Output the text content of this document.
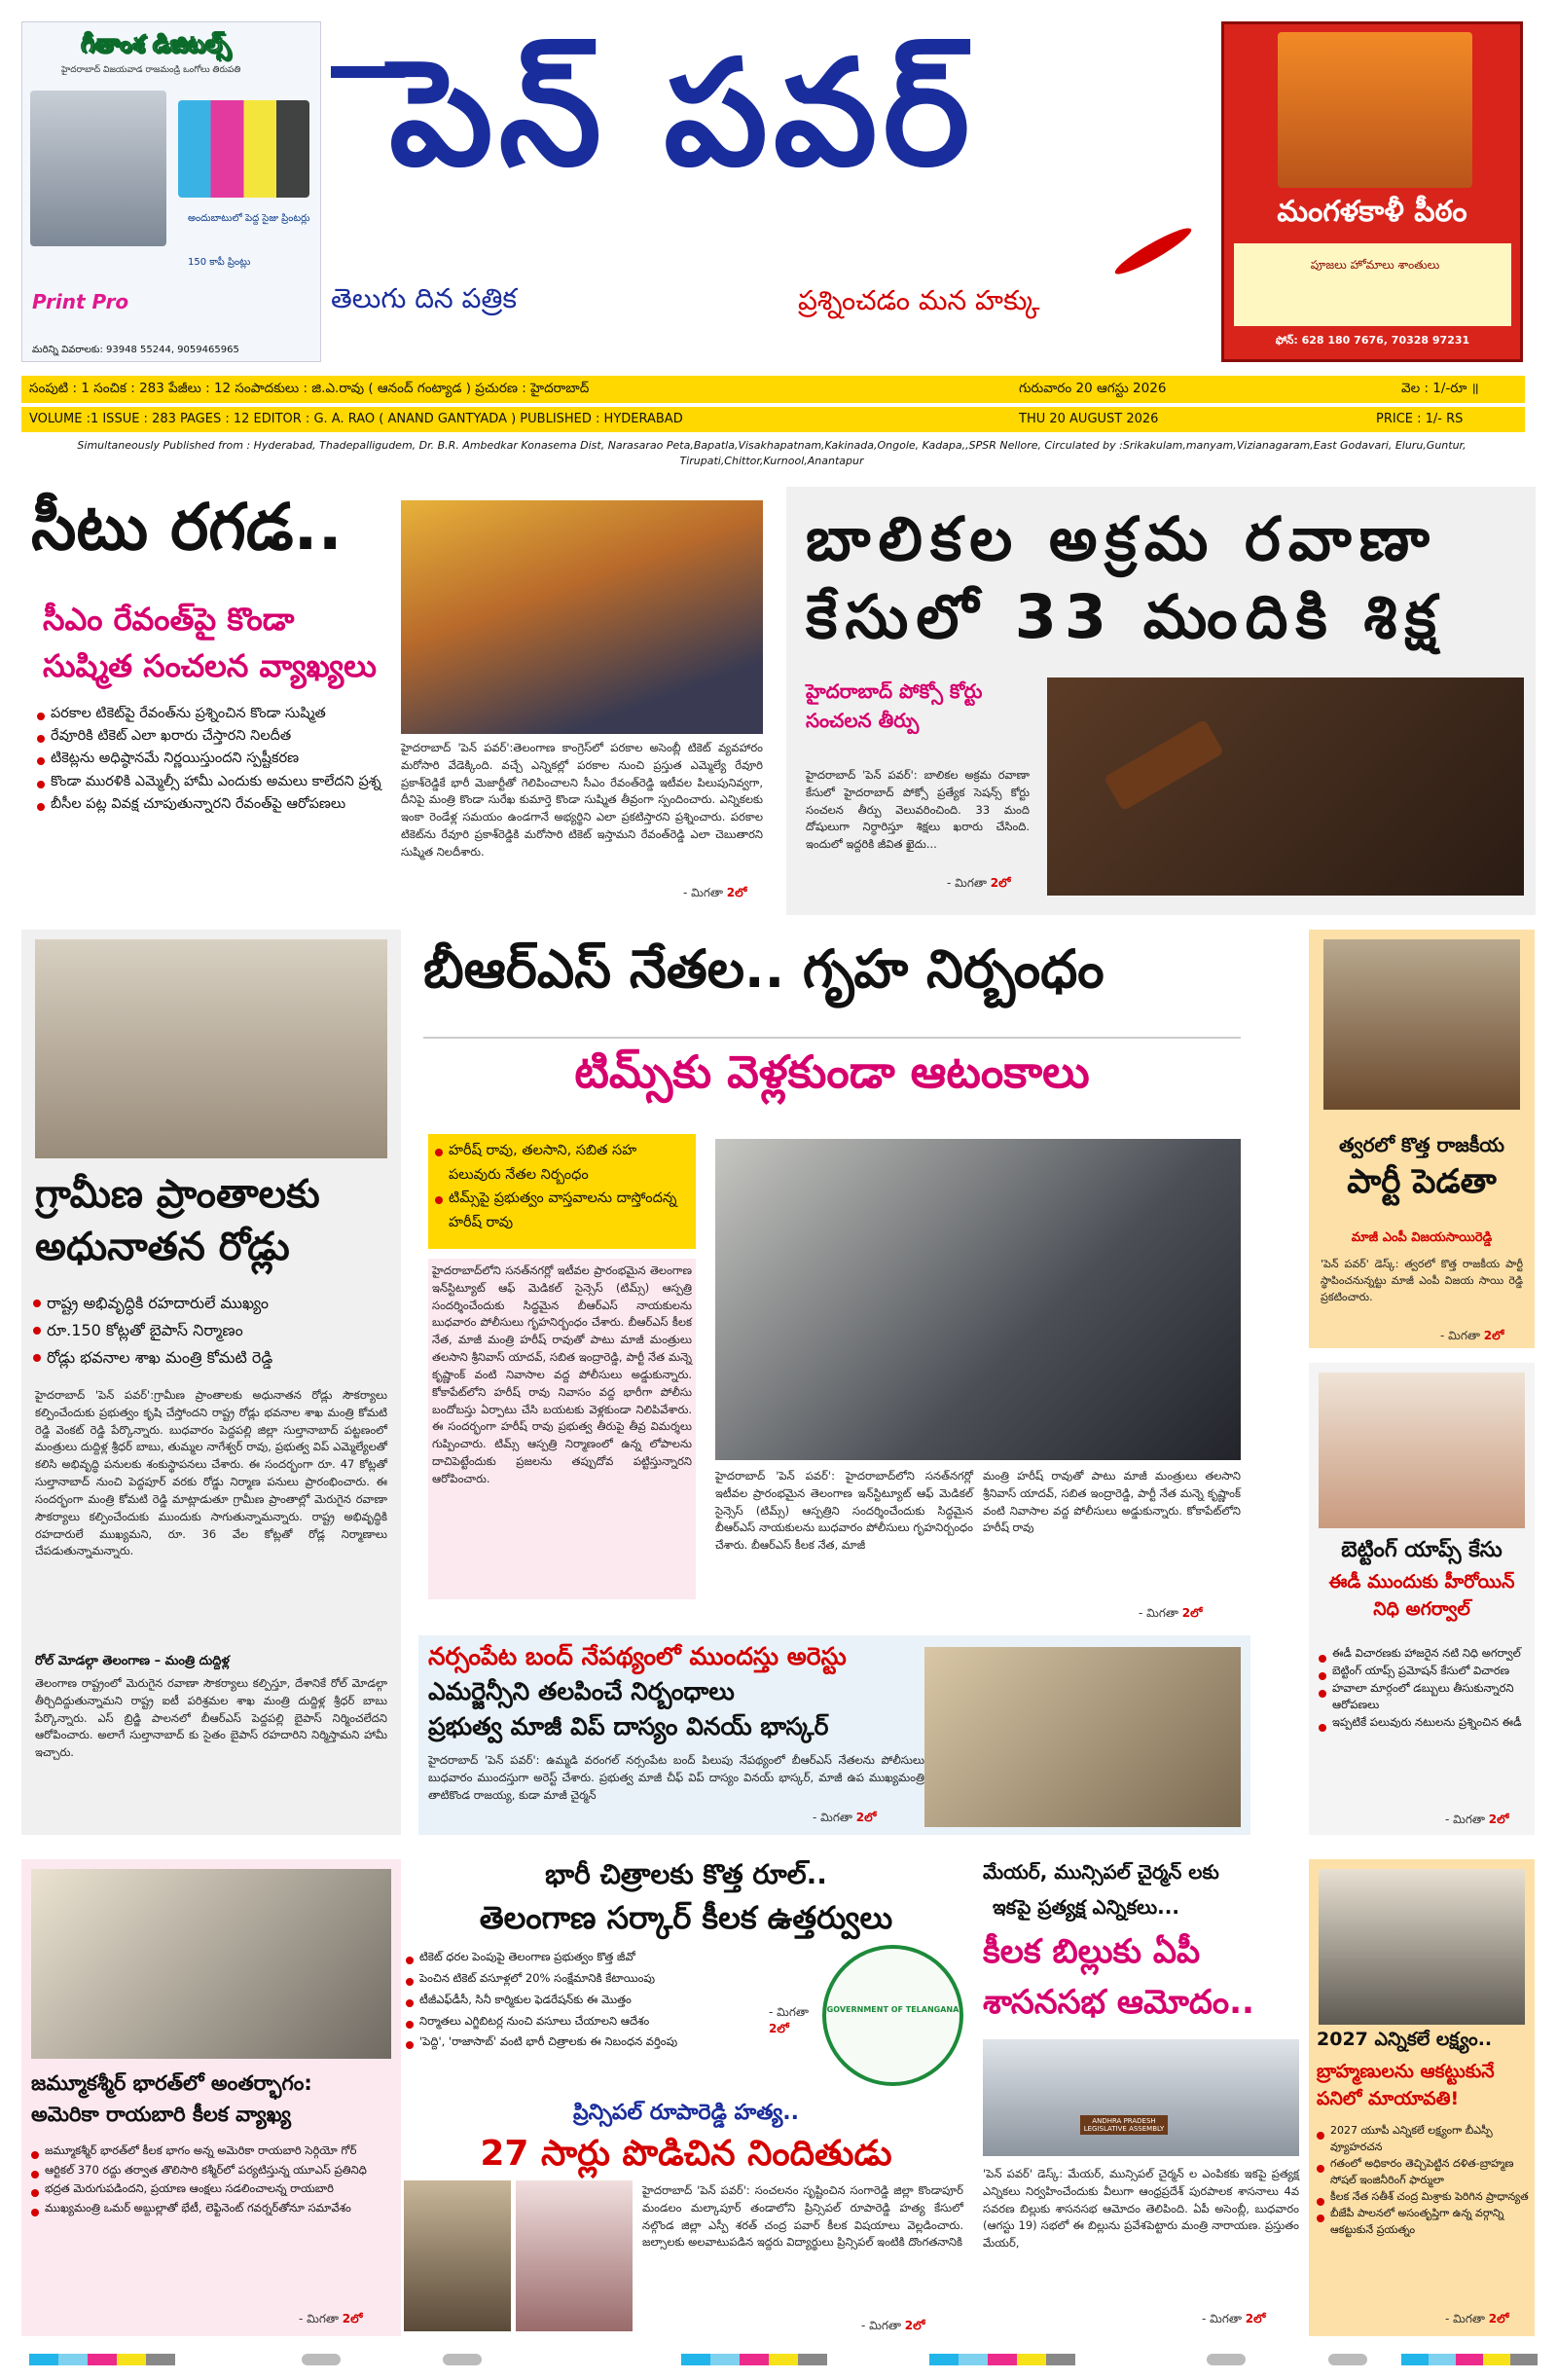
గీతాంశ డిజిటల్స్
హైదరాబాద్ విజయవాడ రాజమండ్రి ఒంగోలు తిరుపతి
అందుబాటులో పెద్ద సైజు ప్రింటర్లు
150 కాపీ ప్రింట్లు
Print Pro
మరిన్ని వివరాలకు: 93948 55244, 9059465965
పెన్ పవర్
తెలుగు దిన పత్రిక	ప్రశ్నించడం మన హక్కు
మంగళకాళీ పీఠం
పూజలు హోమాలు శాంతులు
ఫోన్: 628 180 7676, 70328 97231
సంపుటి : 1 సంచిక : 283 పేజీలు : 12 సంపాదకులు : జి.ఎ.రావు ( ఆనంద్ గంట్యాడ ) ప్రచురణ : హైదరాబాద్	గురువారం 20 ఆగస్టు 2026	వెల : 1/-రూ ॥
VOLUME :1 ISSUE : 283 PAGES : 12 EDITOR : G. A. RAO ( ANAND GANTYADA ) PUBLISHED : HYDERABAD	THU 20 AUGUST 2026	PRICE : 1/- RS
Simultaneously Published from : Hyderabad, Thadepalligudem, Dr. B.R. Ambedkar Konasema Dist, Narasarao Peta,Bapatla,Visakhapatnam,Kakinada,Ongole, Kadapa,,SPSR Nellore, Circulated by :Srikakulam,manyam,Vizianagaram,East Godavari, Eluru,Guntur, Tirupati,Chittor,Kurnool,Anantapur
సీటు రగడ..
సీఎం రేవంత్‌పై కొండా సుష్మిత సంచలన వ్యాఖ్యలు
పరకాల టికెట్‌పై రేవంత్‌ను ప్రశ్నించిన కొండా సుష్మిత
రేవూరికి టికెట్ ఎలా ఖరారు చేస్తారని నిలదీత
టికెట్లను అధిష్ఠానమే నిర్ణయిస్తుందని స్పష్టీకరణ
కొండా మురళికి ఎమ్మెల్సీ హామీ ఎందుకు అమలు కాలేదని ప్రశ్న
బీసీల పట్ల వివక్ష చూపుతున్నారని రేవంత్‌పై ఆరోపణలు
హైదరాబాద్ 'పెన్ పవర్':తెలంగాణ కాంగ్రెస్‌లో పరకాల అసెంబ్లీ టికెట్ వ్యవహారం మరోసారి వేడెక్కింది. వచ్చే ఎన్నికల్లో పరకాల నుంచి ప్రస్తుత ఎమ్మెల్యే రేవూరి ప్రకాశ్‌రెడ్డికే భారీ మెజార్టీతో గెలిపించాలని సీఎం రేవంత్‌రెడ్డి ఇటీవల పిలుపునివ్వగా, దీనిపై మంత్రి కొండా సురేఖ కుమార్తె కొండా సుష్మిత తీవ్రంగా స్పందించారు. ఎన్నికలకు ఇంకా రెండేళ్ల సమయం ఉండగానే అభ్యర్థిని ఎలా ప్రకటిస్తారని ప్రశ్నించారు. పరకాల టికెట్‌ను రేవూరి ప్రకాశ్‌రెడ్డికి మరోసారి టికెట్ ఇస్తామని రేవంత్‌రెడ్డి ఎలా చెబుతారని సుష్మిత నిలదీశారు.
- మిగతా 2లో
బాలికల అక్రమ రవాణా
కేసులో 33 మందికి శిక్ష
హైదరాబాద్ పోక్సో కోర్టు సంచలన తీర్పు
హైదరాబాద్ 'పెన్ పవర్': బాలికల అక్రమ రవాణా కేసులో హైదరాబాద్ పోక్సో ప్రత్యేక సెషన్స్ కోర్టు సంచలన తీర్పు వెలువరించింది. 33 మంది దోషులుగా నిర్ధారిస్తూ శిక్షలు ఖరారు చేసింది. ఇందులో ఇద్దరికి జీవిత ఖైదు...
- మిగతా 2లో
గ్రామీణ ప్రాంతాలకు అధునాతన రోడ్లు
రాష్ట్ర అభివృద్ధికి రహదారులే ముఖ్యం
రూ.150 కోట్లతో బైపాస్ నిర్మాణం
రోడ్లు భవనాల శాఖ మంత్రి కోమటి రెడ్డి
హైదరాబాద్ 'పెన్ పవర్':గ్రామీణ ప్రాంతాలకు అధునాతన రోడ్లు సౌకర్యాలు కల్పించేందుకు ప్రభుత్వం కృషి చేస్తోందని రాష్ట్ర రోడ్లు భవనాల శాఖ మంత్రి కోమటి రెడ్డి వెంకట్ రెడ్డి పేర్కొన్నారు. బుధవారం పెద్దపల్లి జిల్లా సుల్తానాబాద్ పట్టణంలో మంత్రులు దుద్దిళ్ల శ్రీధర్ బాబు, తుమ్మల నాగేశ్వర్ రావు, ప్రభుత్వ విప్ ఎమ్మెల్యేలతో కలిసి అభివృద్ధి పనులకు శంకుస్థాపనలు చేశారు. ఈ సందర్భంగా రూ. 47 కోట్లతో సుల్తానాబాద్ నుంచి పెద్దపూర్ వరకు రోడ్డు నిర్మాణ పనులు ప్రారంభించారు. ఈ సందర్భంగా మంత్రి కోమటి రెడ్డి మాట్లాడుతూ గ్రామీణ ప్రాంతాల్లో మెరుగైన రవాణా సౌకర్యాలు కల్పించేందుకు ముందుకు సాగుతున్నామన్నారు. రాష్ట్ర అభివృద్ధికి రహదారులే ముఖ్యమని, రూ. 36 వేల కోట్లతో రోడ్ల నిర్మాణాలు చేపడుతున్నామన్నారు.
రోల్ మోడల్గా తెలంగాణ – మంత్రి దుద్దిళ్ల
తెలంగాణ రాష్ట్రంలో మెరుగైన రవాణా సౌకర్యాలు కల్పిస్తూ, దేశానికే రోల్ మోడల్గా తీర్చిదిద్దుతున్నామని రాష్ట్ర ఐటీ పరిశ్రమల శాఖ మంత్రి దుద్దిళ్ల శ్రీధర్ బాబు పేర్కొన్నారు. ఎస్ బ్రిడ్జి పాలనలో బీఆర్ఎస్ పెద్దపల్లి బైపాస్ నిర్మించలేదని ఆరోపించారు. అలాగే సుల్తానాబాద్ కు సైతం బైపాస్ రహదారిని నిర్మిస్తామని హామీ ఇచ్చారు.
బీఆర్ఎస్ నేతల.. గృహ నిర్బంధం
టిమ్స్‌కు వెళ్లకుండా ఆటంకాలు
హరీష్ రావు, తలసాని, సబిత సహ పలువురు నేతల నిర్బంధం
టిమ్స్‌పై ప్రభుత్వం వాస్తవాలను దాస్తోందన్న హరీష్ రావు
హైదరాబాద్‌లోని సనత్‌నగర్లో ఇటీవల ప్రారంభమైన తెలంగాణ ఇన్‌స్టిట్యూట్ ఆఫ్ మెడికల్ సైన్సెస్ (టిమ్స్) ఆస్పత్రి సందర్శించేందుకు సిద్ధమైన బీఆర్ఎస్ నాయకులను బుధవారం పోలీసులు గృహనిర్బంధం చేశారు. బీఆర్ఎస్ కీలక నేత, మాజీ మంత్రి హరీష్ రావుతో పాటు మాజీ మంత్రులు తలసాని శ్రీనివాస్ యాదవ్, సబిత ఇంద్రారెడ్డి, పార్టీ నేత మన్నె కృష్ణాంక్ వంటి నివాసాల వద్ద పోలీసులు అడ్డుకున్నారు. కోకాపేట్‌లోని హరీష్ రావు నివాసం వద్ద భారీగా పోలీసు బందోబస్తు ఏర్పాటు చేసి బయటకు వెళ్లకుండా నిలిపివేశారు. ఈ సందర్భంగా హరీష్ రావు ప్రభుత్వ తీరుపై తీవ్ర విమర్శలు గుప్పించారు. టిమ్స్ ఆస్పత్రి నిర్మాణంలో ఉన్న లోపాలను దాచిపెట్టేందుకు ప్రజలను తప్పుదోవ పట్టిస్తున్నారని ఆరోపించారు.	హైదరాబాద్ 'పెన్ పవర్': హైదరాబాద్‌లోని సనత్‌నగర్లో ఇటీవల ప్రారంభమైన తెలంగాణ ఇన్‌స్టిట్యూట్ ఆఫ్ మెడికల్ సైన్సెస్ (టిమ్స్) ఆస్పత్రిని సందర్శించేందుకు సిద్ధమైన బీఆర్ఎస్ నాయకులను బుధవారం పోలీసులు గృహనిర్బంధం చేశారు. బీఆర్ఎస్ కీలక నేత, మాజీ
మంత్రి హరీష్ రావుతో పాటు మాజీ మంత్రులు తలసాని శ్రీనివాస్ యాదవ్, సబిత ఇంద్రారెడ్డి, పార్టీ నేత మన్నె కృష్ణాంక్ వంటి నివాసాల వద్ద పోలీసులు అడ్డుకున్నారు. కోకాపేట్‌లోని హరీష్ రావు
- మిగతా 2లో
నర్సంపేట బంద్ నేపథ్యంలో ముందస్తు అరెస్టు
ఎమర్జెన్సీని తలపించే నిర్బంధాలు
ప్రభుత్వ మాజీ విప్ దాస్యం వినయ్ భాస్కర్
హైదరాబాద్ 'పెన్ పవర్': ఉమ్మడి వరంగల్ నర్సంపేట బంద్ పిలుపు నేపథ్యంలో బీఆర్ఎస్ నేతలను పోలీసులు బుధవారం ముందస్తుగా అరెస్ట్ చేశారు. ప్రభుత్వ మాజీ చీఫ్ విప్ దాస్యం వినయ్ భాస్కర్, మాజీ ఉప ముఖ్యమంత్రి తాటికొండ రాజయ్య, కుడా మాజీ చైర్మన్
- మిగతా 2లో
త్వరలో కొత్త రాజకీయ
పార్టీ పెడతా
మాజీ ఎంపీ విజయసాయిరెడ్డి
'పెన్ పవర్' డెస్క్: త్వరలో కొత్త రాజకీయ పార్టీ స్థాపించనున్నట్టు మాజీ ఎంపీ విజయ సాయి రెడ్డి ప్రకటించారు.
- మిగతా 2లో
బెట్టింగ్ యాప్స్ కేసు
ఈడీ ముందుకు హీరోయిన్ నిధి అగర్వాల్
ఈడీ విచారణకు హాజరైన నటి నిధి అగర్వాల్
బెట్టింగ్ యాప్స్ ప్రమోషన్ కేసులో విచారణ
హవాలా మార్గంలో డబ్బులు తీసుకున్నారని ఆరోపణలు
ఇప్పటికే పలువురు నటులను ప్రశ్నించిన ఈడీ
- మిగతా 2లో
జమ్మూకశ్మీర్ భారత్‌లో అంతర్భాగం:
అమెరికా రాయబారి కీలక వ్యాఖ్య
జమ్మూకశ్మీర్ భారత్‌లో కీలక భాగం అన్న అమెరికా రాయబారి సెర్గియో గోర్
ఆర్టికల్ 370 రద్దు తర్వాత తొలిసారి కశ్మీర్‌లో పర్యటిస్తున్న యూఎస్ ప్రతినిధి
భద్రత మెరుగుపడిందని, ప్రయాణ ఆంక్షలు సడలించాలన్న రాయబారి
ముఖ్యమంత్రి ఒమర్ అబ్దుల్లాతో భేటీ, లెఫ్టినెంట్ గవర్నర్‌తోనూ సమావేశం
- మిగతా 2లో
భారీ చిత్రాలకు కొత్త రూల్..
తెలంగాణ సర్కార్ కీలక ఉత్తర్వులు
టికెట్ ధరల పెంపుపై తెలంగాణ ప్రభుత్వం కొత్త జీవో
పెంచిన టికెట్ వసూళ్లలో 20% సంక్షేమానికి కేటాయింపు
టీజీఎఫ్‌డీసీ, సినీ కార్మికుల ఫెడరేషన్‌కు ఈ మొత్తం
నిర్మాతలు ఎగ్జిబిటర్ల నుంచి వసూలు చేయాలని ఆదేశం
'పెద్ది', 'రాజాసాబ్' వంటి భారీ చిత్రాలకు ఈ నిబంధన వర్తింపు
- మిగతా 2లో
GOVERNMENT OF TELANGANA
ప్రిన్సిపల్ రూపారెడ్డి హత్య..
27 సార్లు పొడిచిన నిందితుడు
హైదరాబాద్ 'పెన్ పవర్': సంచలనం సృష్టించిన సంగారెడ్డి జిల్లా కొండాపూర్ మండలం మల్కాపూర్ తండాలోని ప్రిన్సిపల్ రూపారెడ్డి హత్య కేసులో నల్గొండ జిల్లా ఎస్పీ శరత్ చంద్ర పవార్ కీలక విషయాలు వెల్లడించారు. జల్సాలకు అలవాటుపడిన ఇద్దరు విద్యార్థులు ప్రిన్సిపల్ ఇంటికి దొంగతనానికి
- మిగతా 2లో
మేయర్, మున్సిపల్ చైర్మన్ లకు
ఇకపై ప్రత్యక్ష ఎన్నికలు...
కీలక బిల్లుకు ఏపీ
శాసనసభ ఆమోదం..
ANDHRA PRADESH LEGISLATIVE ASSEMBLY
'పెన్ పవర్' డెస్క్: మేయర్, మున్సిపల్ చైర్మన్ ల ఎంపికకు ఇకపై ప్రత్యక్ష ఎన్నికలు నిర్వహించేందుకు వీలుగా ఆంధ్రప్రదేశ్ పురపాలక శాసనాలు 4వ సవరణ బిల్లుకు శాసనసభ ఆమోదం తెలిపింది. ఏపీ అసెంబ్లీ, బుధవారం (ఆగస్టు 19) సభలో ఈ బిల్లును ప్రవేశపెట్టారు మంత్రి నారాయణ. ప్రస్తుతం మేయర్,
- మిగతా 2లో
2027 ఎన్నికలే లక్ష్యం..
బ్రాహ్మణులను ఆకట్టుకునే పనిలో మాయావతి!
2027 యూపీ ఎన్నికలే లక్ష్యంగా బీఎస్పీ వ్యూహరచన
గతంలో అధికారం తెచ్చిపెట్టిన దళిత-బ్రాహ్మణ సోషల్ ఇంజినీరింగ్ ఫార్ములా
కీలక నేత సతీశ్ చంద్ర మిశ్రాకు పెరిగిన ప్రాధాన్యత
బీజేపీ పాలనలో అసంతృప్తిగా ఉన్న వర్గాన్ని ఆకట్టుకునే ప్రయత్నం
- మిగతా 2లో
